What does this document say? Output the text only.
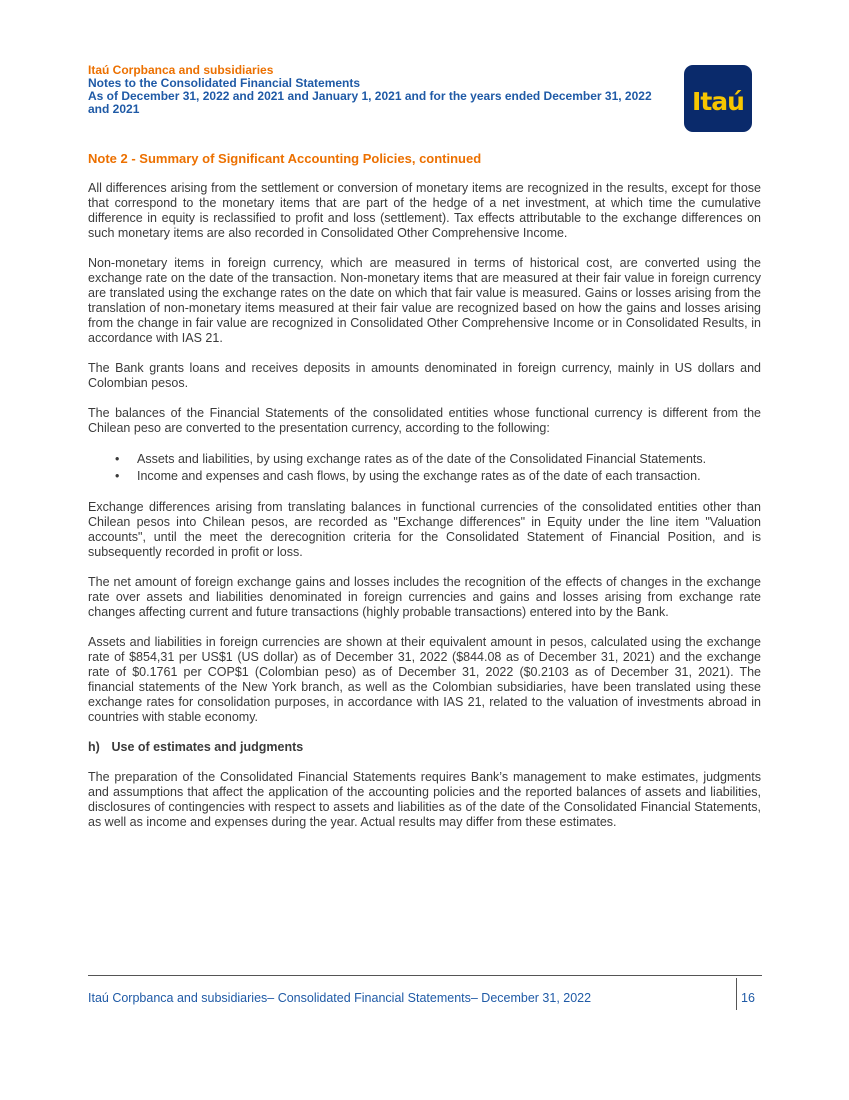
Itaú Corpbanca and subsidiaries

Notes to the Consolidated Financial Statements

As of December 31, 2022 and 2021 and January 1, 2021 and for the years ended December 31, 2022

and 2021	Itaú

Note 2 - Summary of Significant Accounting Policies, continued

All differences arising from the settlement or conversion of monetary items are recognized in the results, except for those that correspond to the monetary items that are part of the hedge of a net investment, at which time the cumulative difference in equity is reclassified to profit and loss (settlement). Tax effects attributable to the exchange differences on such monetary items are also recorded in Consolidated Other Comprehensive Income.

Non-monetary items in foreign currency, which are measured in terms of historical cost, are converted using the exchange rate on the date of the transaction. Non-monetary items that are measured at their fair value in foreign currency are translated using the exchange rates on the date on which that fair value is measured. Gains or losses arising from the translation of non-monetary items measured at their fair value are recognized based on how the gains and losses arising from the change in fair value are recognized in Consolidated Other Comprehensive Income or in Consolidated Results, in accordance with IAS 21.

The Bank grants loans and receives deposits in amounts denominated in foreign currency, mainly in US dollars and Colombian pesos.

The balances of the Financial Statements of the consolidated entities whose functional currency is different from the Chilean peso are converted to the presentation currency, according to the following:

• Assets and liabilities, by using exchange rates as of the date of the Consolidated Financial Statements.
• Income and expenses and cash flows, by using the exchange rates as of the date of each transaction.

Exchange differences arising from translating balances in functional currencies of the consolidated entities other than Chilean pesos into Chilean pesos, are recorded as "Exchange differences" in Equity under the line item "Valuation accounts", until the meet the derecognition criteria for the Consolidated Statement of Financial Position, and is subsequently recorded in profit or loss.

The net amount of foreign exchange gains and losses includes the recognition of the effects of changes in the exchange rate over assets and liabilities denominated in foreign currencies and gains and losses arising from exchange rate changes affecting current and future transactions (highly probable transactions) entered into by the Bank.

Assets and liabilities in foreign currencies are shown at their equivalent amount in pesos, calculated using the exchange rate of $854,31 per US$1 (US dollar) as of December 31, 2022 ($844.08 as of December 31, 2021) and the exchange rate of $0.1761 per COP$1 (Colombian peso) as of December 31, 2022 ($0.2103 as of December 31, 2021). The financial statements of the New York branch, as well as the Colombian subsidiaries, have been translated using these exchange rates for consolidation purposes, in accordance with IAS 21, related to the valuation of investments abroad in countries with stable economy.

h) Use of estimates and judgments

The preparation of the Consolidated Financial Statements requires Bank’s management to make estimates, judgments and assumptions that affect the application of the accounting policies and the reported balances of assets and liabilities, disclosures of contingencies with respect to assets and liabilities as of the date of the Consolidated Financial Statements, as well as income and expenses during the year. Actual results may differ from these estimates.

Itaú Corpbanca and subsidiaries– Consolidated Financial Statements– December 31, 2022	16
